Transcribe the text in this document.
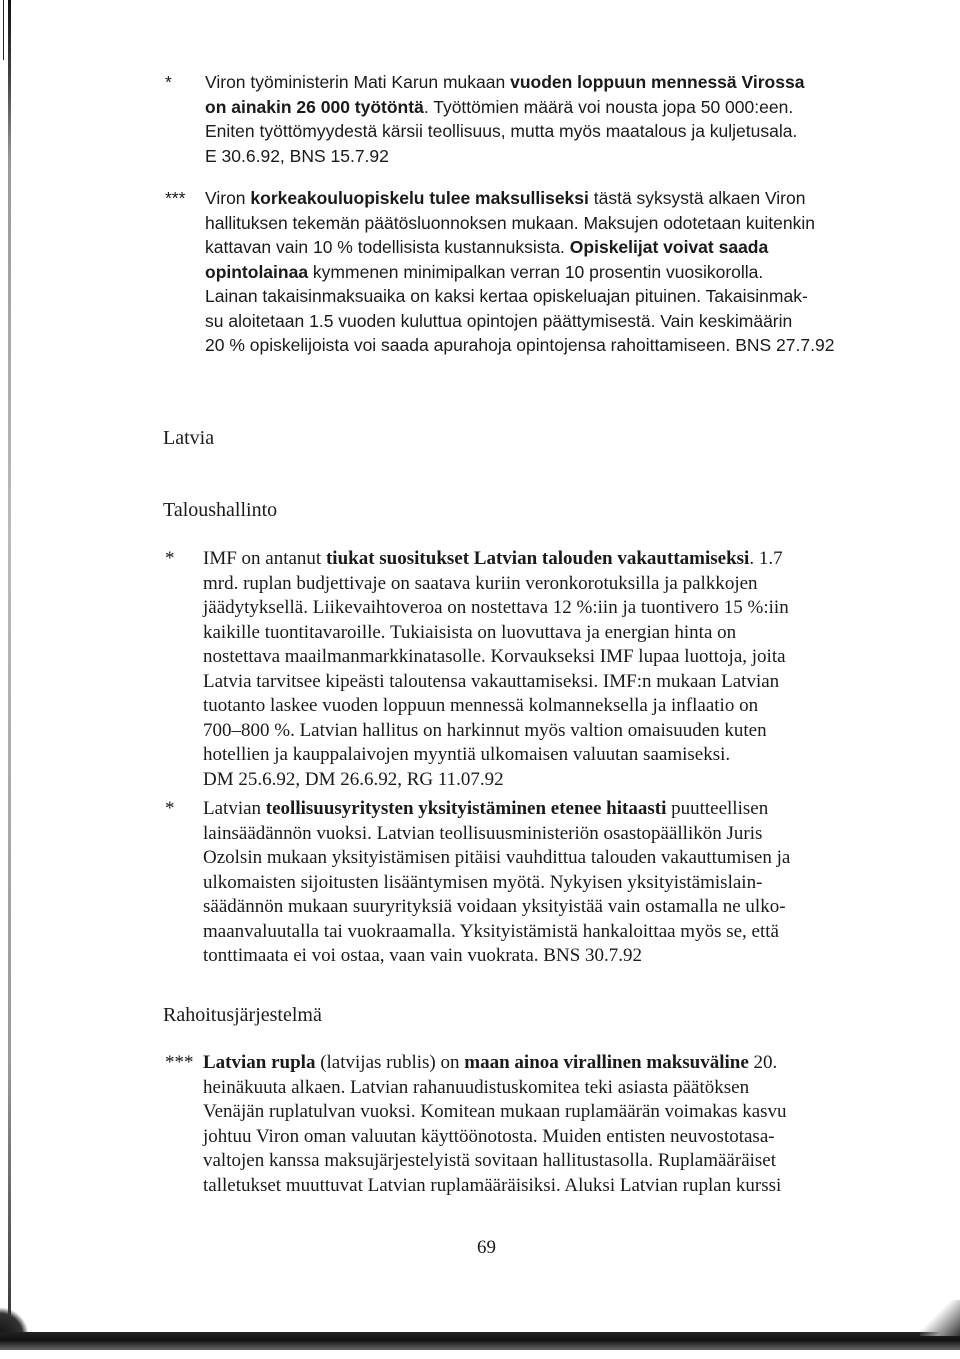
* Viron työministerin Mati Karun mukaan vuoden loppuun mennessä Virossa
on ainakin 26 000 työtöntä. Työttömien määrä voi nousta jopa 50 000:een.
Eniten työttömyydestä kärsii teollisuus, mutta myös maatalous ja kuljetusala.
E 30.6.92, BNS 15.7.92
*** Viron korkeakouluopiskelu tulee maksulliseksi tästä syksystä alkaen Viron
hallituksen tekemän päätösluonnoksen mukaan. Maksujen odotetaan kuitenkin
kattavan vain 10 % todellisista kustannuksista. Opiskelijat voivat saada
opintolainaa kymmenen minimipalkan verran 10 prosentin vuosikorolla.
Lainan takaisinmaksuaika on kaksi kertaa opiskeluajan pituinen. Takaisinmak-
su aloitetaan 1.5 vuoden kuluttua opintojen päättymisestä. Vain keskimäärin
20 % opiskelijoista voi saada apurahoja opintojensa rahoittamiseen. BNS 27.7.92
Latvia
Taloushallinto
* IMF on antanut tiukat suositukset Latvian talouden vakauttamiseksi. 1.7
mrd. ruplan budjettivaje on saatava kuriin veronkorotuksilla ja palkkojen
jäädytyksellä. Liikevaihtoveroa on nostettava 12 %:iin ja tuontivero 15 %:iin
kaikille tuontitavaroille. Tukiaisista on luovuttava ja energian hinta on
nostettava maailmanmarkkinatasolle. Korvaukseksi IMF lupaa luottoja, joita
Latvia tarvitsee kipeästi taloutensa vakauttamiseksi. IMF:n mukaan Latvian
tuotanto laskee vuoden loppuun mennessä kolmanneksella ja inflaatio on
700–800 %. Latvian hallitus on harkinnut myös valtion omaisuuden kuten
hotellien ja kauppalaivojen myyntiä ulkomaisen valuutan saamiseksi.
DM 25.6.92, DM 26.6.92, RG 11.07.92
* Latvian teollisuusyritysten yksityistäminen etenee hitaasti puutteellisen
lainsäädännön vuoksi. Latvian teollisuusministeriön osastopäällikön Juris
Ozolsin mukaan yksityistämisen pitäisi vauhdittua talouden vakauttumisen ja
ulkomaisten sijoitusten lisääntymisen myötä. Nykyisen yksityistämislain-
säädännön mukaan suuryrityksiä voidaan yksityistää vain ostamalla ne ulko-
maanvaluutalla tai vuokraamalla. Yksityistämistä hankaloittaa myös se, että
tonttimaata ei voi ostaa, vaan vain vuokrata. BNS 30.7.92
Rahoitusjärjestelmä
*** Latvian rupla (latvijas rublis) on maan ainoa virallinen maksuväline 20.
heinäkuuta alkaen. Latvian rahanuudistuskomitea teki asiasta päätöksen
Venäjän ruplatulvan vuoksi. Komitean mukaan ruplamäärän voimakas kasvu
johtuu Viron oman valuutan käyttöönotosta. Muiden entisten neuvostotasa-
valtojen kanssa maksujärjestelyistä sovitaan hallitustasolla. Ruplamääräiset
talletukset muuttuvat Latvian ruplamääräisiksi. Aluksi Latvian ruplan kurssi
69
